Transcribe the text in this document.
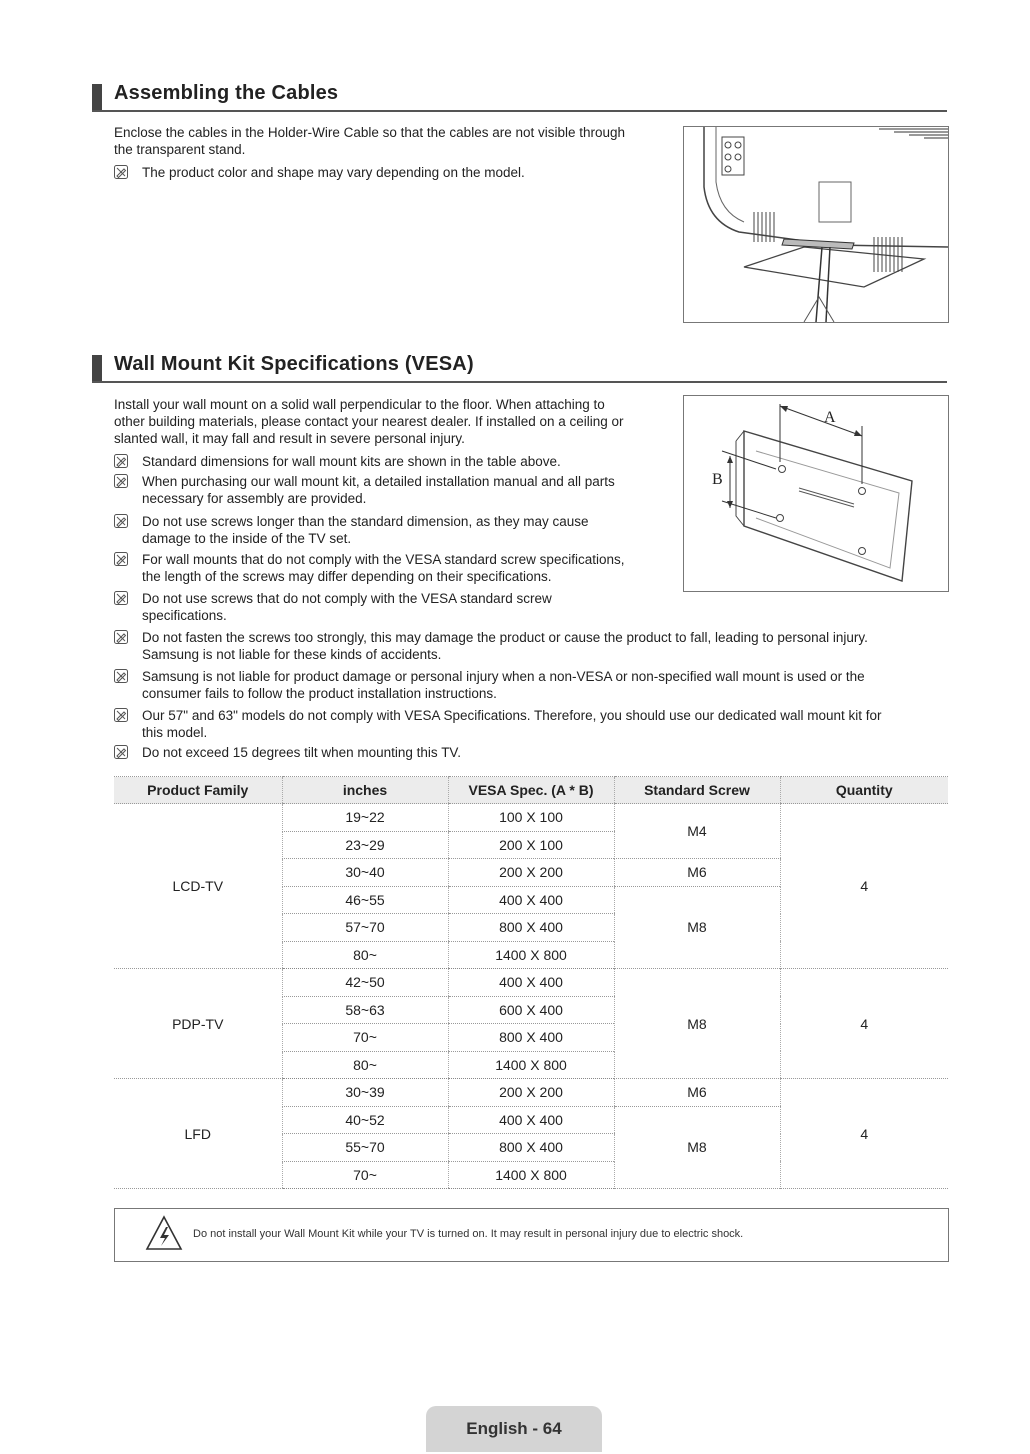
Assembling the Cables
Enclose the cables in the Holder-Wire Cable so that the cables are not visible through
the transparent stand.
The product color and shape may vary depending on the model.
Wall Mount Kit Specifications (VESA)
Install your wall mount on a solid wall perpendicular to the floor. When attaching to
other building materials, please contact your nearest dealer. If installed on a ceiling or
slanted wall, it may fall and result in severe personal injury.
Standard dimensions for wall mount kits are shown in the table above.
When purchasing our wall mount kit, a detailed installation manual and all parts
necessary for assembly are provided.
Do not use screws longer than the standard dimension, as they may cause
damage to the inside of the TV set.
For wall mounts that do not comply with the VESA standard screw specifications,
the length of the screws may differ depending on their specifications.
Do not use screws that do not comply with the VESA standard screw
specifications.
Do not fasten the screws too strongly, this may damage the product or cause the product to fall, leading to personal injury.
Samsung is not liable for these kinds of accidents.
Samsung is not liable for product damage or personal injury when a non-VESA or non-specified wall mount is used or the
consumer fails to follow the product installation instructions.
Our 57" and 63" models do not comply with VESA Specifications. Therefore, you should use our dedicated wall mount kit for
this model.
Do not exceed 15 degrees tilt when mounting this TV.
A
B
Product Family	inches	VESA Spec. (A * B)	Standard Screw	Quantity
LCD-TV	19~22	100 X 100	M4	4
	23~29	200 X 100		
	30~40	200 X 200	M6	
	46~55	400 X 400	M8	
	57~70	800 X 400		
	80~	1400 X 800		
PDP-TV	42~50	400 X 400	M8	4
	58~63	600 X 400		
	70~	800 X 400		
	80~	1400 X 800		
LFD	30~39	200 X 200	M6	4
	40~52	400 X 400	M8	
	55~70	800 X 400		
	70~	1400 X 800		
Do not install your Wall Mount Kit while your TV is turned on. It may result in personal injury due to electric shock.
English - 64
